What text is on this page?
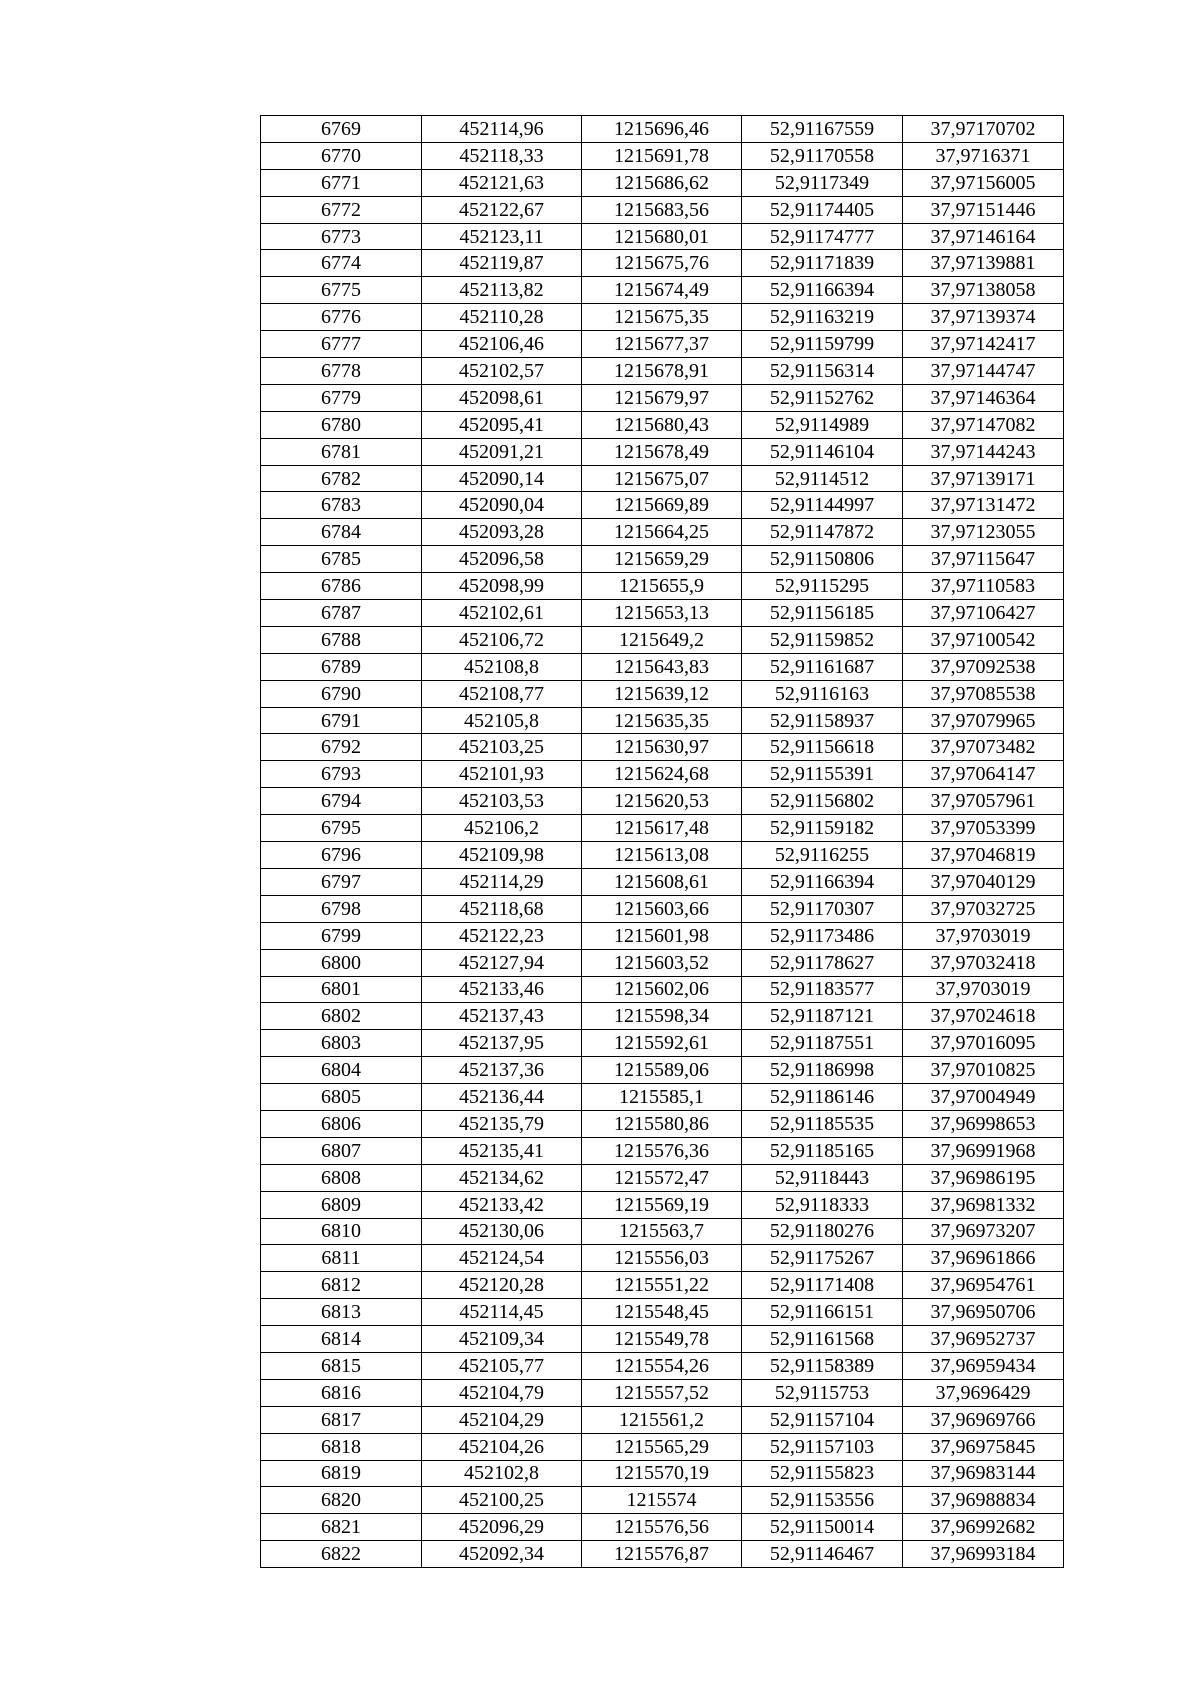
6769	452114,96	1215696,46	52,91167559	37,97170702
6770	452118,33	1215691,78	52,91170558	37,9716371
6771	452121,63	1215686,62	52,9117349	37,97156005
6772	452122,67	1215683,56	52,91174405	37,97151446
6773	452123,11	1215680,01	52,91174777	37,97146164
6774	452119,87	1215675,76	52,91171839	37,97139881
6775	452113,82	1215674,49	52,91166394	37,97138058
6776	452110,28	1215675,35	52,91163219	37,97139374
6777	452106,46	1215677,37	52,91159799	37,97142417
6778	452102,57	1215678,91	52,91156314	37,97144747
6779	452098,61	1215679,97	52,91152762	37,97146364
6780	452095,41	1215680,43	52,9114989	37,97147082
6781	452091,21	1215678,49	52,91146104	37,97144243
6782	452090,14	1215675,07	52,9114512	37,97139171
6783	452090,04	1215669,89	52,91144997	37,97131472
6784	452093,28	1215664,25	52,91147872	37,97123055
6785	452096,58	1215659,29	52,91150806	37,97115647
6786	452098,99	1215655,9	52,9115295	37,97110583
6787	452102,61	1215653,13	52,91156185	37,97106427
6788	452106,72	1215649,2	52,91159852	37,97100542
6789	452108,8	1215643,83	52,91161687	37,97092538
6790	452108,77	1215639,12	52,9116163	37,97085538
6791	452105,8	1215635,35	52,91158937	37,97079965
6792	452103,25	1215630,97	52,91156618	37,97073482
6793	452101,93	1215624,68	52,91155391	37,97064147
6794	452103,53	1215620,53	52,91156802	37,97057961
6795	452106,2	1215617,48	52,91159182	37,97053399
6796	452109,98	1215613,08	52,9116255	37,97046819
6797	452114,29	1215608,61	52,91166394	37,97040129
6798	452118,68	1215603,66	52,91170307	37,97032725
6799	452122,23	1215601,98	52,91173486	37,9703019
6800	452127,94	1215603,52	52,91178627	37,97032418
6801	452133,46	1215602,06	52,91183577	37,9703019
6802	452137,43	1215598,34	52,91187121	37,97024618
6803	452137,95	1215592,61	52,91187551	37,97016095
6804	452137,36	1215589,06	52,91186998	37,97010825
6805	452136,44	1215585,1	52,91186146	37,97004949
6806	452135,79	1215580,86	52,91185535	37,96998653
6807	452135,41	1215576,36	52,91185165	37,96991968
6808	452134,62	1215572,47	52,9118443	37,96986195
6809	452133,42	1215569,19	52,9118333	37,96981332
6810	452130,06	1215563,7	52,91180276	37,96973207
6811	452124,54	1215556,03	52,91175267	37,96961866
6812	452120,28	1215551,22	52,91171408	37,96954761
6813	452114,45	1215548,45	52,91166151	37,96950706
6814	452109,34	1215549,78	52,91161568	37,96952737
6815	452105,77	1215554,26	52,91158389	37,96959434
6816	452104,79	1215557,52	52,9115753	37,9696429
6817	452104,29	1215561,2	52,91157104	37,96969766
6818	452104,26	1215565,29	52,91157103	37,96975845
6819	452102,8	1215570,19	52,91155823	37,96983144
6820	452100,25	1215574	52,91153556	37,96988834
6821	452096,29	1215576,56	52,91150014	37,96992682
6822	452092,34	1215576,87	52,91146467	37,96993184
